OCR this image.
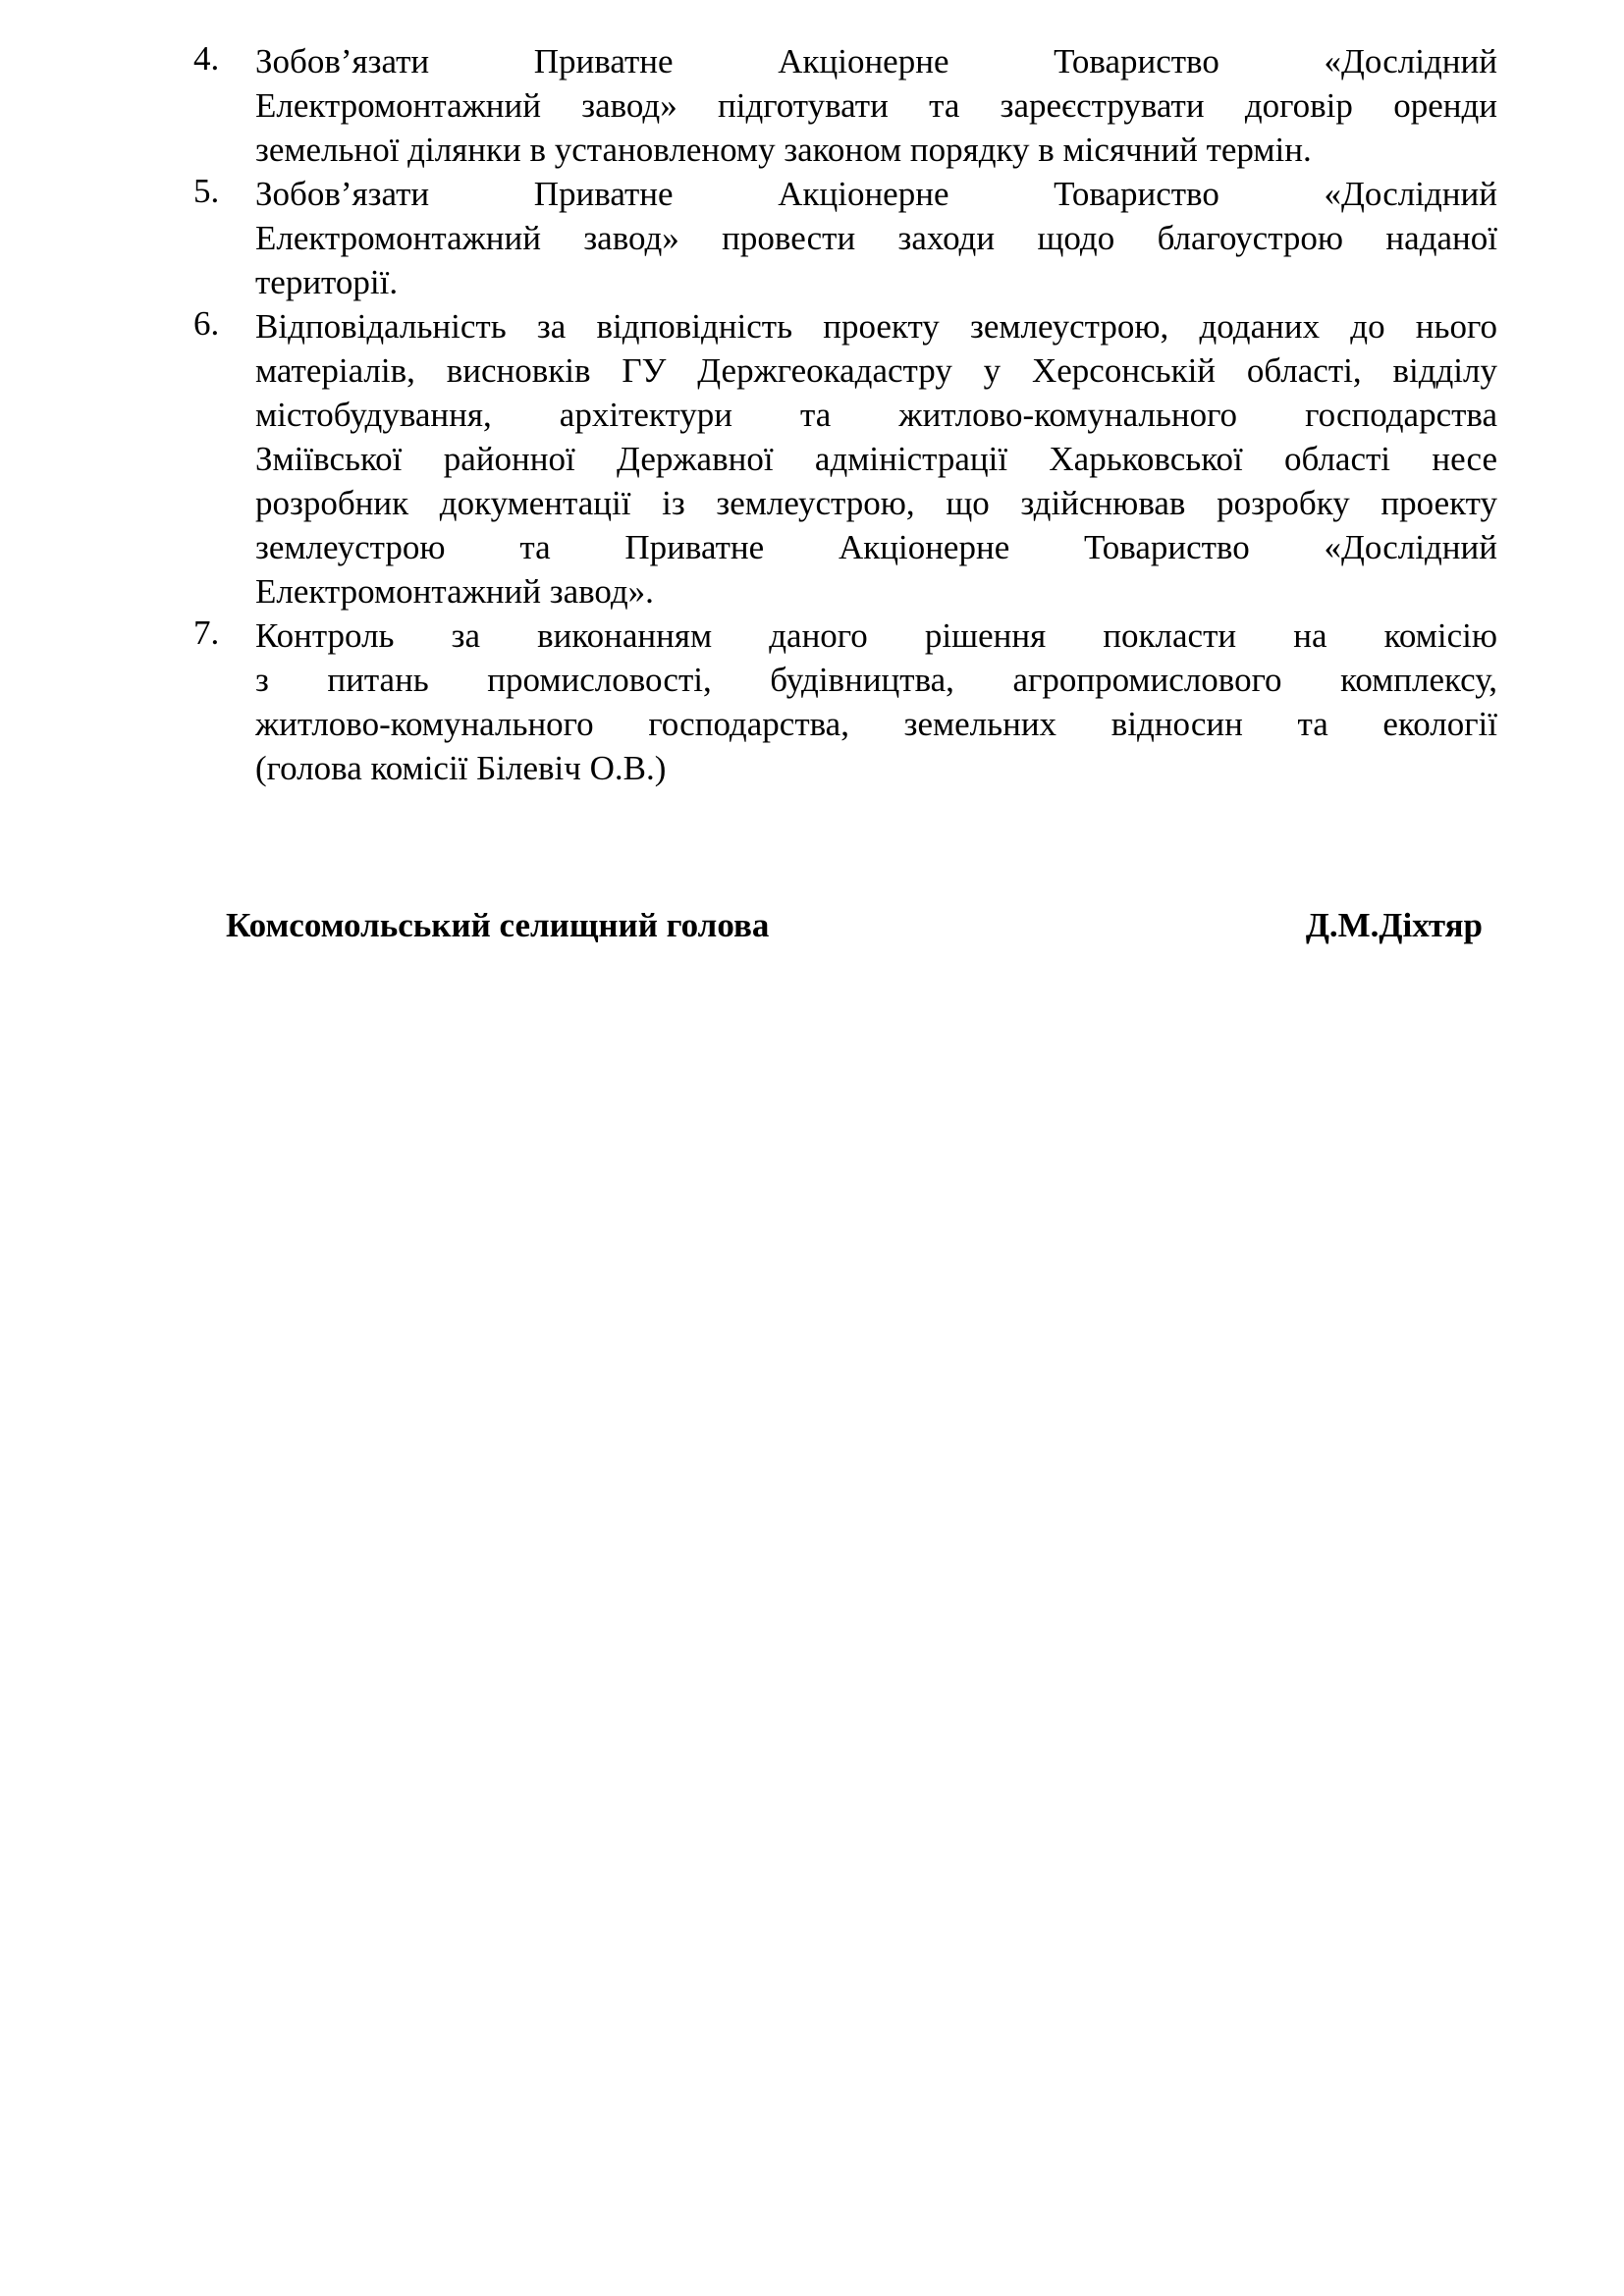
4. Зобов’язати Приватне Акціонерне Товариство «Дослідний
Електромонтажний завод» підготувати та зареєструвати договір оренди
земельної ділянки в установленому законом порядку в місячний термін.
5. Зобов’язати Приватне Акціонерне Товариство «Дослідний
Електромонтажний завод» провести заходи щодо благоустрою наданої
території.
6. Відповідальність за відповідність проекту землеустрою, доданих до нього
матеріалів, висновків ГУ Держгеокадастру у Херсонській області, відділу
містобудування, архітектури та житлово-комунального господарства
Зміївської районної Державної адміністрації Харьковської області несе
розробник документації із землеустрою, що здійснював розробку проекту
землеустрою та Приватне Акціонерне Товариство «Дослідний
Електромонтажний завод».
7. Контроль за виконанням даного рішення покласти на комісію
з питань промисловості, будівництва, агропромислового комплексу,
житлово-комунального господарства, земельних відносин та екології
(голова комісії Білевіч О.В.)
Комсомольський селищний голова	Д.М.Діхтяр
